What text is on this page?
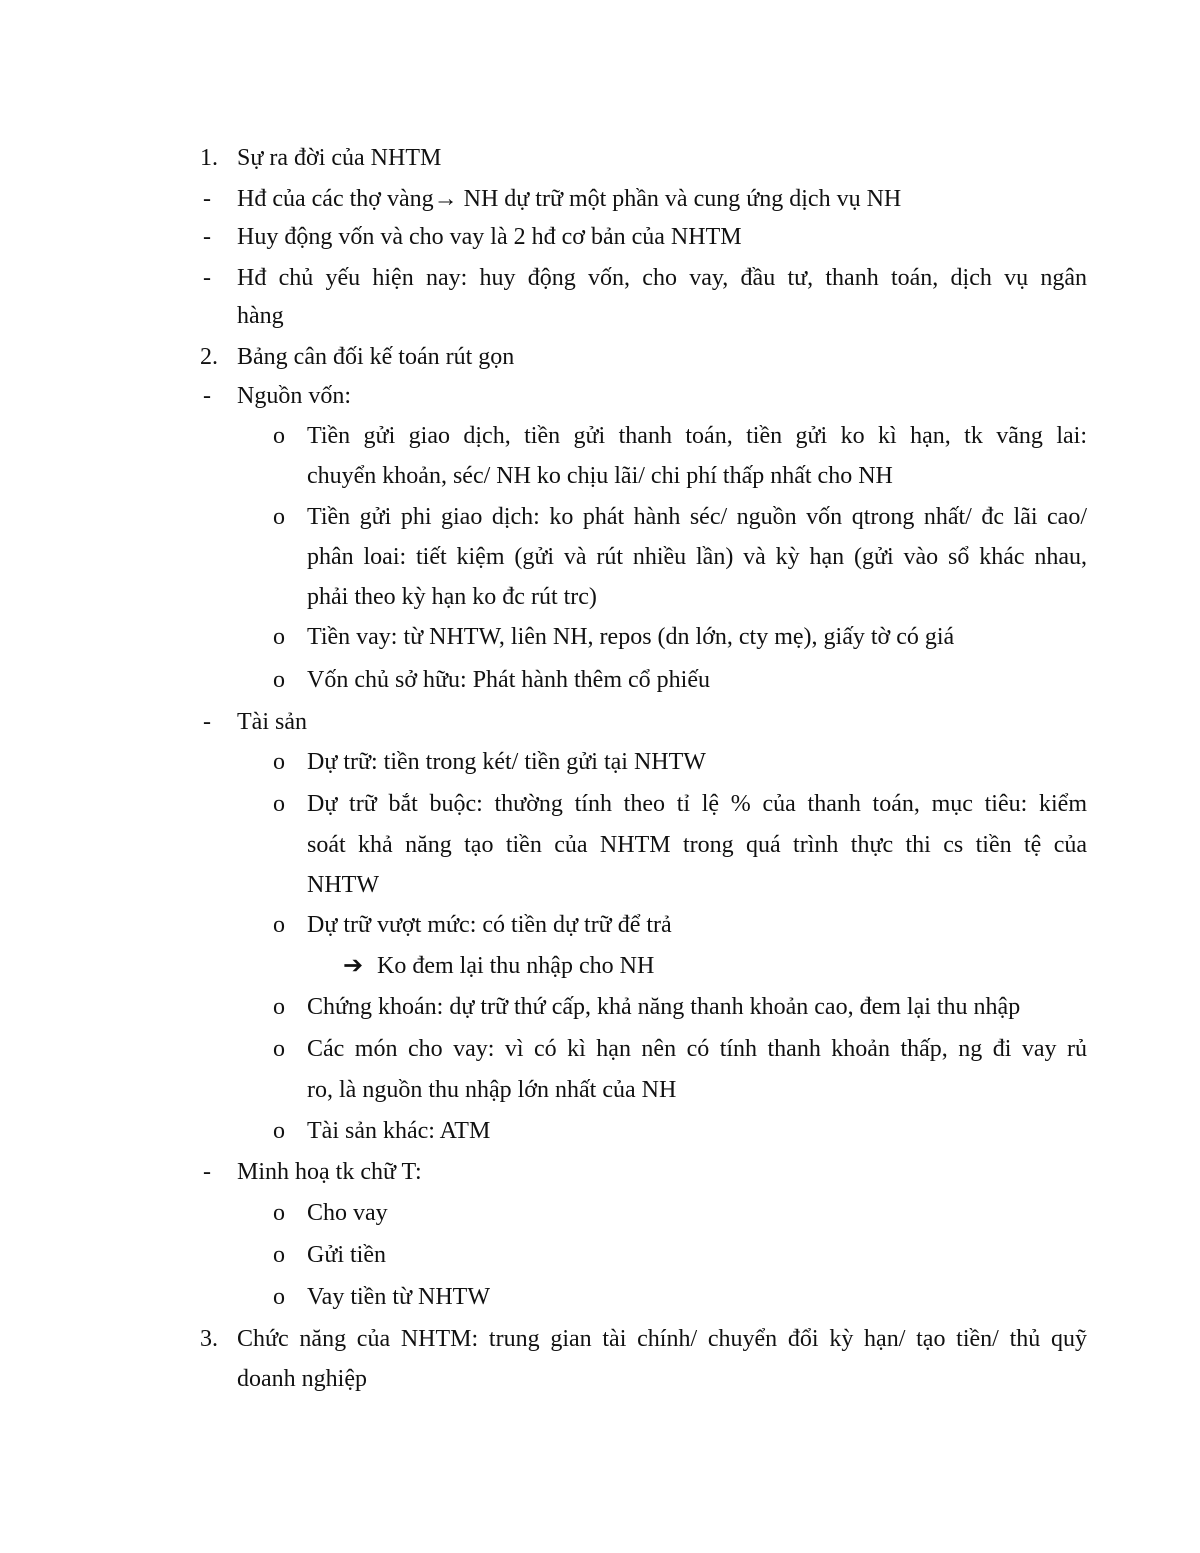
1. Sự ra đời của NHTM
- Hđ của các thợ vàng→ NH dự trữ một phần và cung ứng dịch vụ NH
- Huy động vốn và cho vay là 2 hđ cơ bản của NHTM
- Hđ chủ yếu hiện nay: huy động vốn, cho vay, đầu tư, thanh toán, dịch vụ ngân
hàng
2. Bảng cân đối kế toán rút gọn
- Nguồn vốn:
o Tiền gửi giao dịch, tiền gửi thanh toán, tiền gửi ko kì hạn, tk vãng lai:
chuyển khoản, séc/ NH ko chịu lãi/ chi phí thấp nhất cho NH
o Tiền gửi phi giao dịch: ko phát hành séc/ nguồn vốn qtrong nhất/ đc lãi cao/
phân loai: tiết kiệm (gửi và rút nhiều lần) và kỳ hạn (gửi vào sổ khác nhau,
phải theo kỳ hạn ko đc rút trc)
o Tiền vay: từ NHTW, liên NH, repos (dn lớn, cty mẹ), giấy tờ có giá
o Vốn chủ sở hữu: Phát hành thêm cổ phiếu
- Tài sản
o Dự trữ: tiền trong két/ tiền gửi tại NHTW
o Dự trữ bắt buộc: thường tính theo tỉ lệ % của thanh toán, mục tiêu: kiểm
soát khả năng tạo tiền của NHTM trong quá trình thực thi cs tiền tệ của
NHTW
o Dự trữ vượt mức: có tiền dự trữ để trả
➔ Ko đem lại thu nhập cho NH
o Chứng khoán: dự trữ thứ cấp, khả năng thanh khoản cao, đem lại thu nhập
o Các món cho vay: vì có kì hạn nên có tính thanh khoản thấp, ng đi vay rủ
ro, là nguồn thu nhập lớn nhất của NH
o Tài sản khác: ATM
- Minh hoạ tk chữ T:
o Cho vay
o Gửi tiền
o Vay tiền từ NHTW
3. Chức năng của NHTM: trung gian tài chính/ chuyển đổi kỳ hạn/ tạo tiền/ thủ quỹ
doanh nghiệp
